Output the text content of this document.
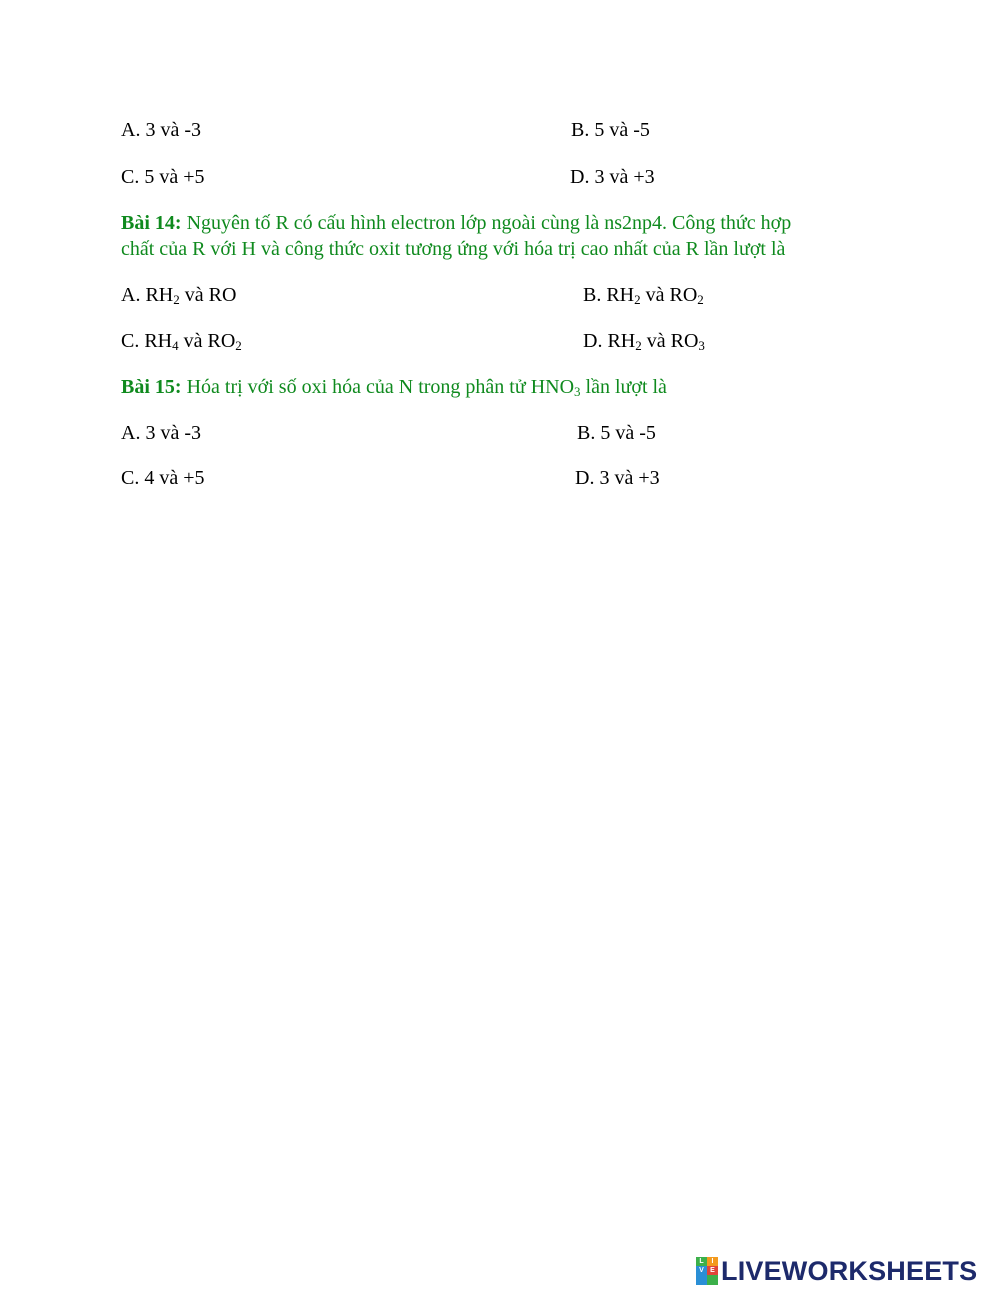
A. 3 và -3	B. 5 và -5
C. 5 và +5	D. 3 và +3
Bài 14: Nguyên tố R có cấu hình electron lớp ngoài cùng là ns2np4. Công thức hợp
chất của R với H và công thức oxit tương ứng với hóa trị cao nhất của R lần lượt là
A. $RH_2$ và RO	B. $RH_2$ và $RO_2$
C. $RH_4$ và $RO_2$	D. $RH_2$ và $RO_3$
Bài 15: Hóa trị với số oxi hóa của N trong phân tử $HNO_3$ lần lượt là
A. 3 và -3	B. 5 và -5
C. 4 và +5	D. 3 và +3
L	I
V E LIVEWORKSHEETS
